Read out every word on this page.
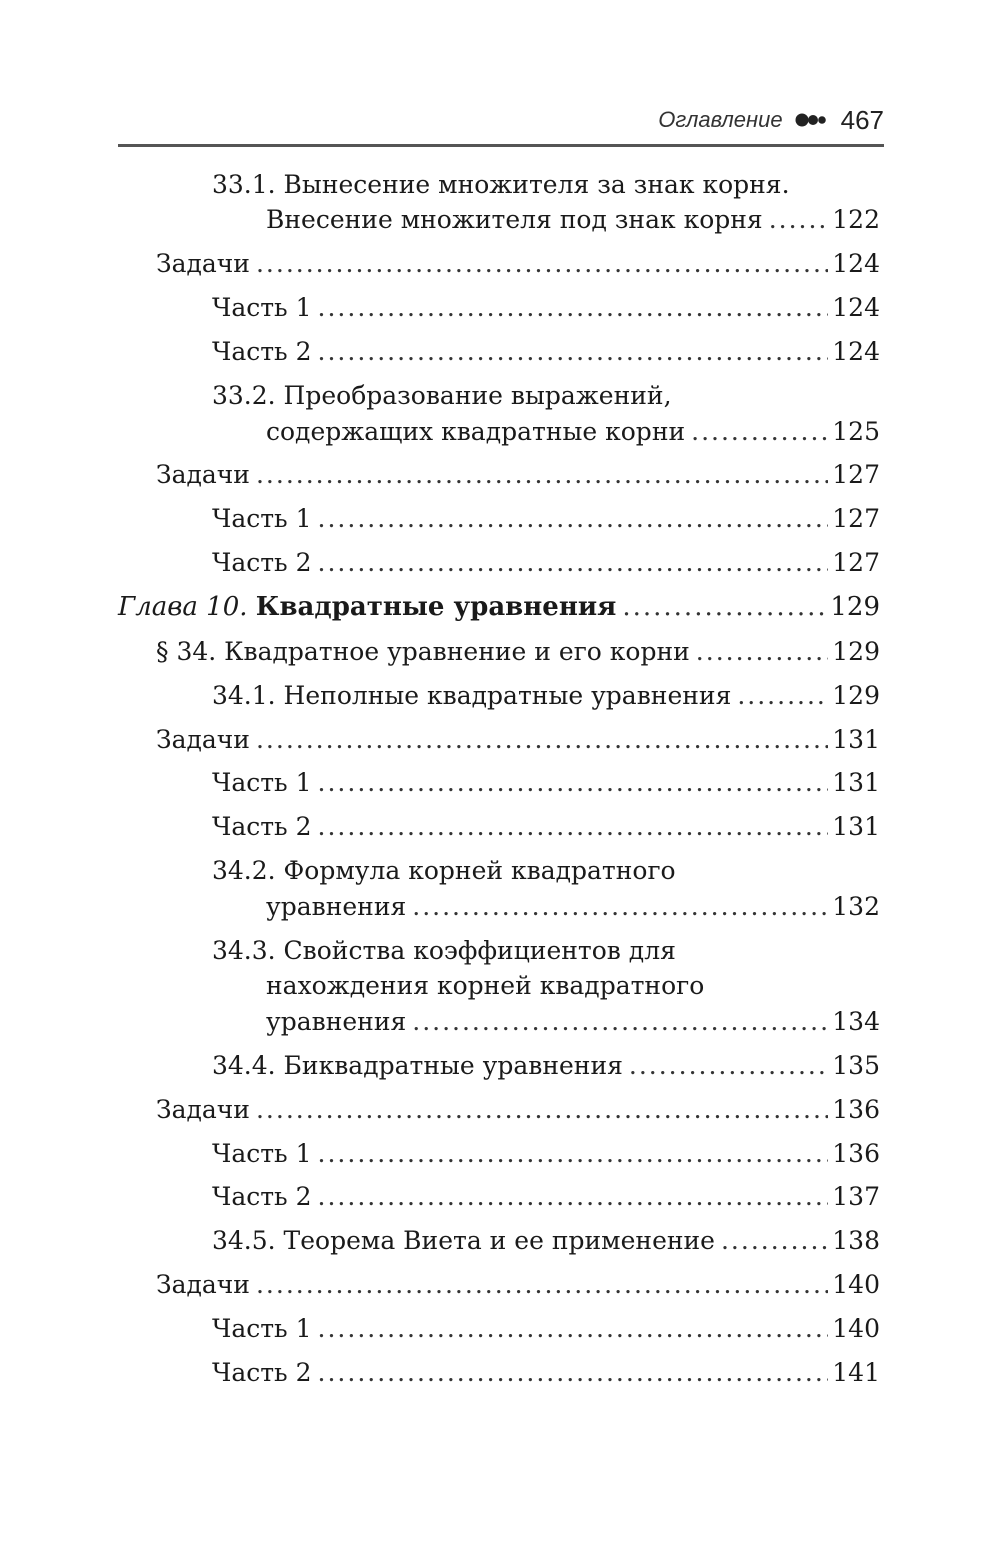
Оглавление 467
33.1. Вынесение множителя за знак корня.
Внесение множителя под знак корня .....	122
Задачи .....	124
Часть 1 .....	124
Часть 2 .....	124
33.2. Преобразование выражений,
содержащих квадратные корни .....	125
Задачи .....	127
Часть 1 .....	127
Часть 2 .....	127
Глава 10. Квадратные уравнения .....	129
§ 34. Квадратное уравнение и его корни .....	129
34.1. Неполные квадратные уравнения .....	129
Задачи .....	131
Часть 1 .....	131
Часть 2 .....	131
34.2. Формула корней квадратного
уравнения .....	132
34.3. Свойства коэффициентов для
нахождения корней квадратного
уравнения .....	134
34.4. Биквадратные уравнения .....	135
Задачи .....	136
Часть 1 .....	136
Часть 2 .....	137
34.5. Теорема Виета и ее применение .....	138
Задачи .....	140
Часть 1 .....	140
Часть 2 .....	141
